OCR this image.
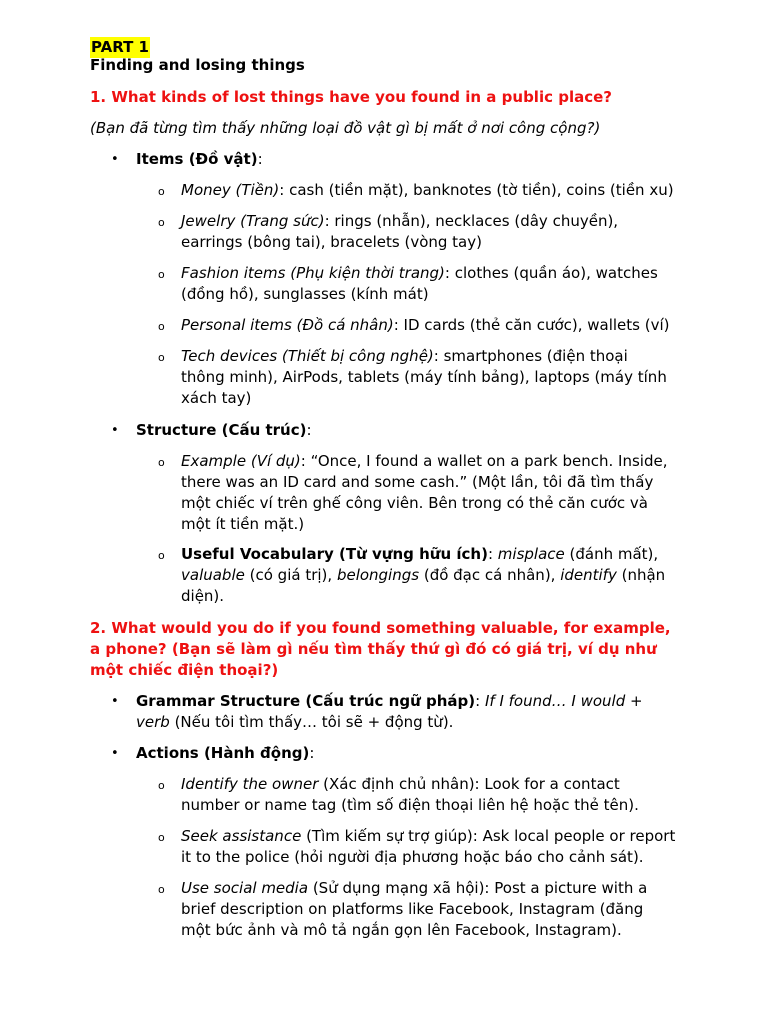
PART 1
Finding and losing things
1. What kinds of lost things have you found in a public place?
(Bạn đã từng tìm thấy những loại đồ vật gì bị mất ở nơi công cộng?)
• Items (Đồ vật):
o Money (Tiền): cash (tiền mặt), banknotes (tờ tiền), coins (tiền xu)
o Jewelry (Trang sức): rings (nhẫn), necklaces (dây chuyền),
earrings (bông tai), bracelets (vòng tay)
o Fashion items (Phụ kiện thời trang): clothes (quần áo), watches
(đồng hồ), sunglasses (kính mát)
o Personal items (Đồ cá nhân): ID cards (thẻ căn cước), wallets (ví)
o Tech devices (Thiết bị công nghệ): smartphones (điện thoại
thông minh), AirPods, tablets (máy tính bảng), laptops (máy tính
xách tay)
• Structure (Cấu trúc):
o Example (Ví dụ): “Once, I found a wallet on a park bench. Inside,
there was an ID card and some cash.” (Một lần, tôi đã tìm thấy
một chiếc ví trên ghế công viên. Bên trong có thẻ căn cước và
một ít tiền mặt.)
o Useful Vocabulary (Từ vựng hữu ích): misplace (đánh mất),
valuable (có giá trị), belongings (đồ đạc cá nhân), identify (nhận
diện).
2. What would you do if you found something valuable, for example,
a phone? (Bạn sẽ làm gì nếu tìm thấy thứ gì đó có giá trị, ví dụ như
một chiếc điện thoại?)
• Grammar Structure (Cấu trúc ngữ pháp): If I found… I would +
verb (Nếu tôi tìm thấy… tôi sẽ + động từ).
• Actions (Hành động):
o Identify the owner (Xác định chủ nhân): Look for a contact
number or name tag (tìm số điện thoại liên hệ hoặc thẻ tên).
o Seek assistance (Tìm kiếm sự trợ giúp): Ask local people or report
it to the police (hỏi người địa phương hoặc báo cho cảnh sát).
o Use social media (Sử dụng mạng xã hội): Post a picture with a
brief description on platforms like Facebook, Instagram (đăng
một bức ảnh và mô tả ngắn gọn lên Facebook, Instagram).
